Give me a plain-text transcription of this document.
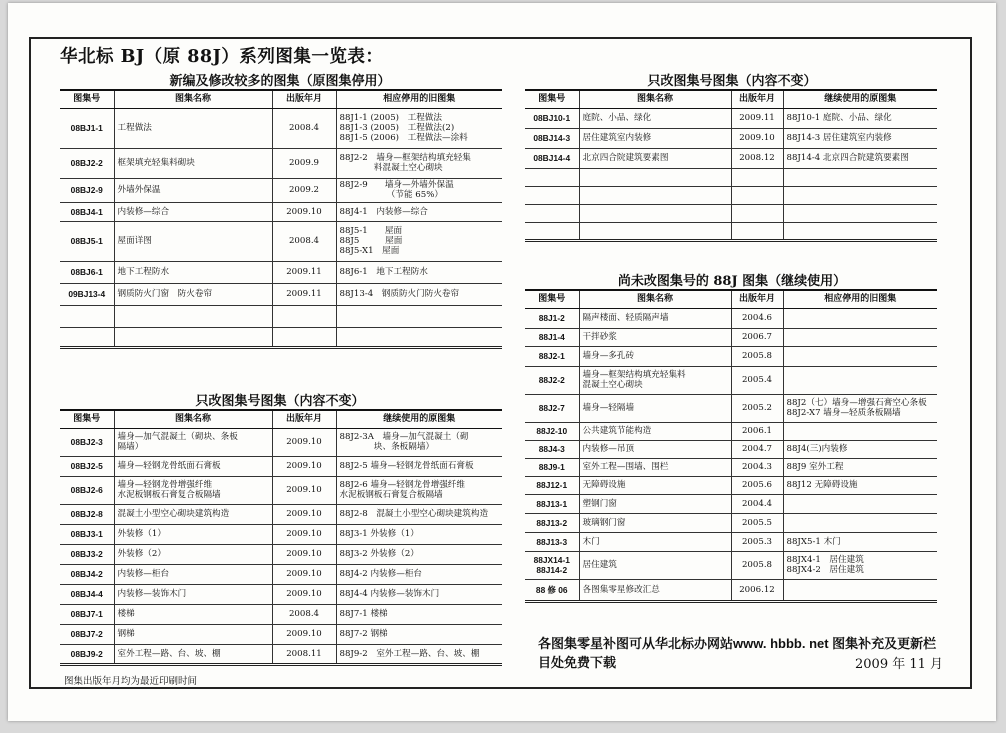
华北标 BJ（原 88J）系列图集一览表：
新编及修改较多的图集（原图集停用）
图集号	图集名称	出版年月	相应停用的旧图集
08BJ1-1	工程做法	2008.4	88J1-1 (2005)　工程做法
88J1-3 (2005)　工程做法(2)
88J1-5 (2006)　工程做法—涂料
08BJ2-2	框架填充轻集料砌块	2009.9	88J2-2　墙身—框架结构填充轻集
　　　　料混凝土空心砌块
08BJ2-9	外墙外保温	2009.2	88J2-9　　墙身—外墙外保温
　　　　　　（节能 65%）
08BJ4-1	内装修—综合	2009.10	88J4-1　内装修—综合
08BJ5-1	屋面详图	2008.4	88J5-1　　屋面
88J5　　　屋面
88J5-X1　屋面
08BJ6-1	地下工程防水	2009.11	88J6-1　地下工程防水
09BJ13-4	钢质防火门窗　防火卷帘	2009.11	88J13-4　钢质防火门防火卷帘

只改图集号图集（内容不变）
图集号	图集名称	出版年月	继续使用的原图集
08BJ2-3	墙身—加气混凝土（砌块、条板
隔墙）	2009.10	88J2-3A　墙身—加气混凝土（砌
　　　　块、条板隔墙）
08BJ2-5	墙身—轻钢龙骨纸面石膏板	2009.10	88J2-5 墙身—轻钢龙骨纸面石膏板
08BJ2-6	墙身—轻钢龙骨增强纤维
水泥板钢板石膏复合板隔墙	2009.10	88J2-6 墙身—轻钢龙骨增强纤维
水泥板钢板石膏复合板隔墙
08BJ2-8	混凝土小型空心砌块建筑构造	2009.10	88J2-8　混凝土小型空心砌块建筑构造
08BJ3-1	外装修（1）	2009.10	88J3-1 外装修（1）
08BJ3-2	外装修（2）	2009.10	88J3-2 外装修（2）
08BJ4-2	内装修—柜台	2009.10	88J4-2 内装修—柜台
08BJ4-4	内装修—装饰木门	2009.10	88J4-4 内装修—装饰木门
08BJ7-1	楼梯	2008.4	88J7-1 楼梯
08BJ7-2	钢梯	2009.10	88J7-2 钢梯
08BJ9-2	室外工程—路、台、坡、棚	2008.11	88J9-2　室外工程—路、台、坡、棚
只改图集号图集（内容不变）
图集号	图集名称	出版年月	继续使用的原图集
08BJ10-1	庭院、小品、绿化	2009.11	88J10-1 庭院、小品、绿化
08BJ14-3	居住建筑室内装修	2009.10	88J14-3 居住建筑室内装修
08BJ14-4	北京四合院建筑要素图	2008.12	88J14-4 北京四合院建筑要素图

尚未改图集号的 88J 图集（继续使用）
图集号	图集名称	出版年月	相应停用的旧图集
88J1-2	隔声楼面、轻质隔声墙	2004.6	
88J1-4	干拌砂浆	2006.7	
88J2-1	墙身—多孔砖	2005.8	
88J2-2	墙身—框架结构填充轻集料
混凝土空心砌块	2005.4	
88J2-7	墙身—轻隔墙	2005.2	88J2（七）墙身—增强石膏空心条板
88J2-X7 墙身—轻质条板隔墙
88J2-10	公共建筑节能构造	2006.1	
88J4-3	内装修—吊顶	2004.7	88J4(三)内装修
88J9-1	室外工程—围墙、围栏	2004.3	88J9 室外工程
88J12-1	无障碍设施	2005.6	88J12 无障碍设施
88J13-1	塑钢门窗	2004.4	
88J13-2	玻璃钢门窗	2005.5	
88J13-3	木门	2005.3	88JX5-1 木门
88JX14-1
88J14-2	居住建筑	2005.8	88JX4-1　居住建筑
88JX4-2　居住建筑
88 修 06	各图集零星修改汇总	2006.12	
各图集零星补图可从华北标办网站www. hbbb. net 图集补充及更新栏目处免费下载	2009 年 11 月
图集出版年月均为最近印刷时间
